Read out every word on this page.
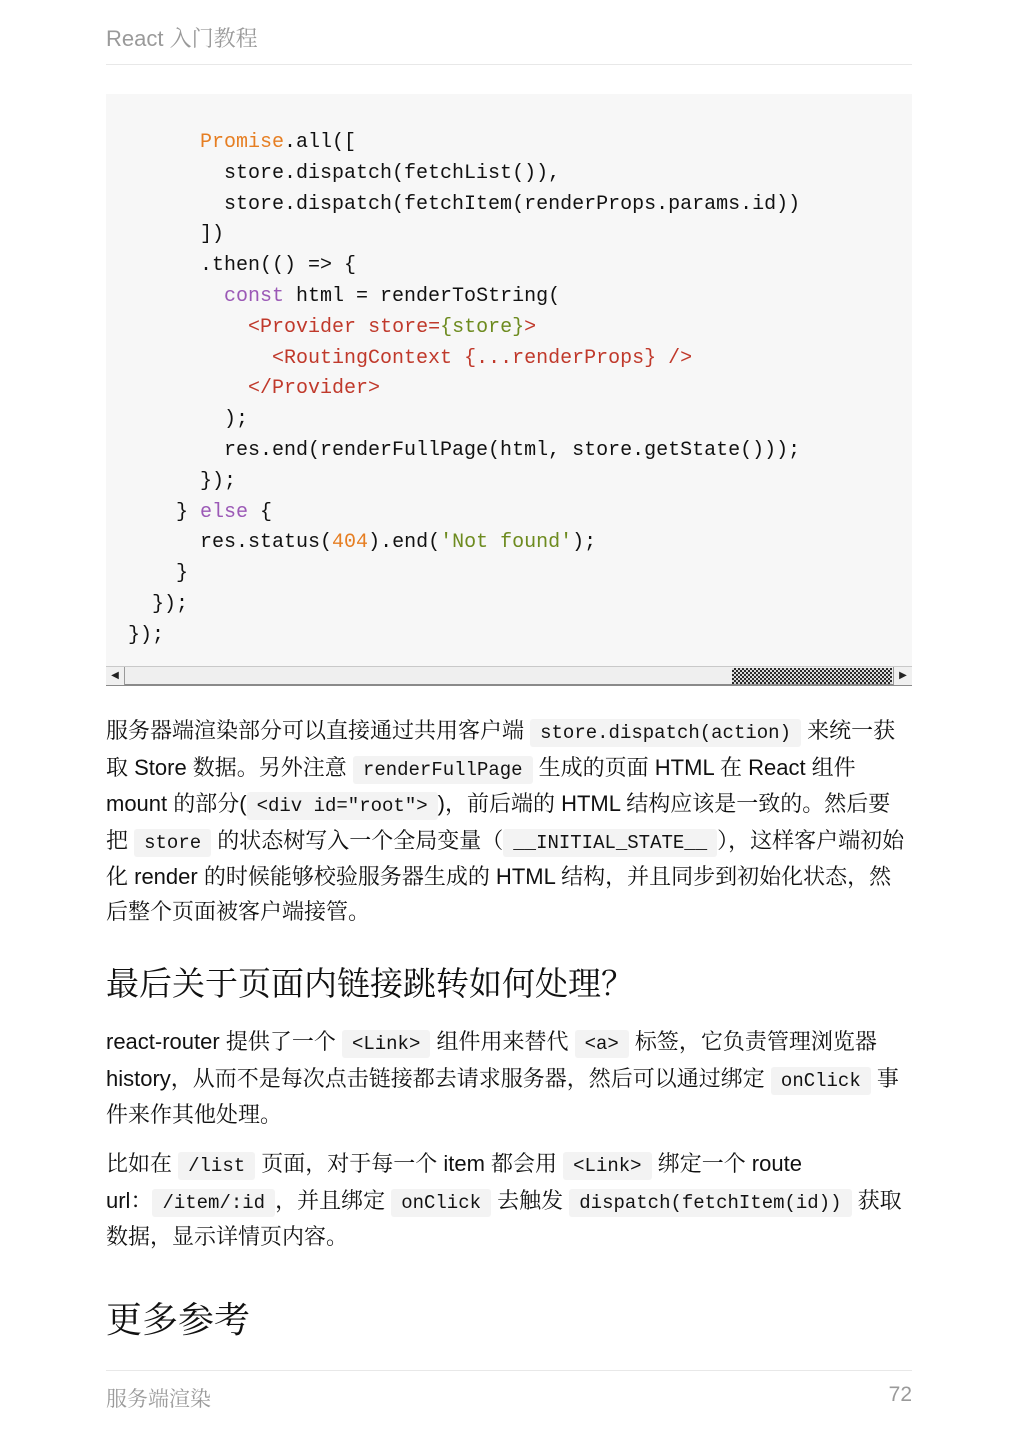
React 入门教程
Promise.all([
store.dispatch(fetchList()),
store.dispatch(fetchItem(renderProps.params.id))
])
.then(() => {
const html = renderToString(
<Provider store={store}>
<RoutingContext {...renderProps} />
</Provider>
);
res.end(renderFullPage(html, store.getState()));
});
} else {
res.status(404).end('Not found');
}
});
});
◀	▶

服务器端渲染部分可以直接通过共用客户端 store.dispatch(action) 来统一获取 Store 数据。另外注意 renderFullPage 生成的页面 HTML 在 React 组件 mount 的部分( <div id="root"> )，前后端的 HTML 结构应该是一致的。然后要把 store 的状态树写入一个全局变量（ __INITIAL_STATE__ ），这样客户端初始化 render 的时候能够校验服务器生成的 HTML 结构，并且同步到初始化状态，然后整个页面被客户端接管。

最后关于页面内链接跳转如何处理？

react-router 提供了一个 <Link> 组件用来替代 <a> 标签，它负责管理浏览器 history，从而不是每次点击链接都去请求服务器，然后可以通过绑定 onClick 事件来作其他处理。

比如在 /list 页面，对于每一个 item 都会用 <Link> 绑定一个 route url： /item/:id ，并且绑定 onClick 去触发 dispatch(fetchItem(id)) 获取数据，显示详情页内容。

更多参考
服务端渲染	72
